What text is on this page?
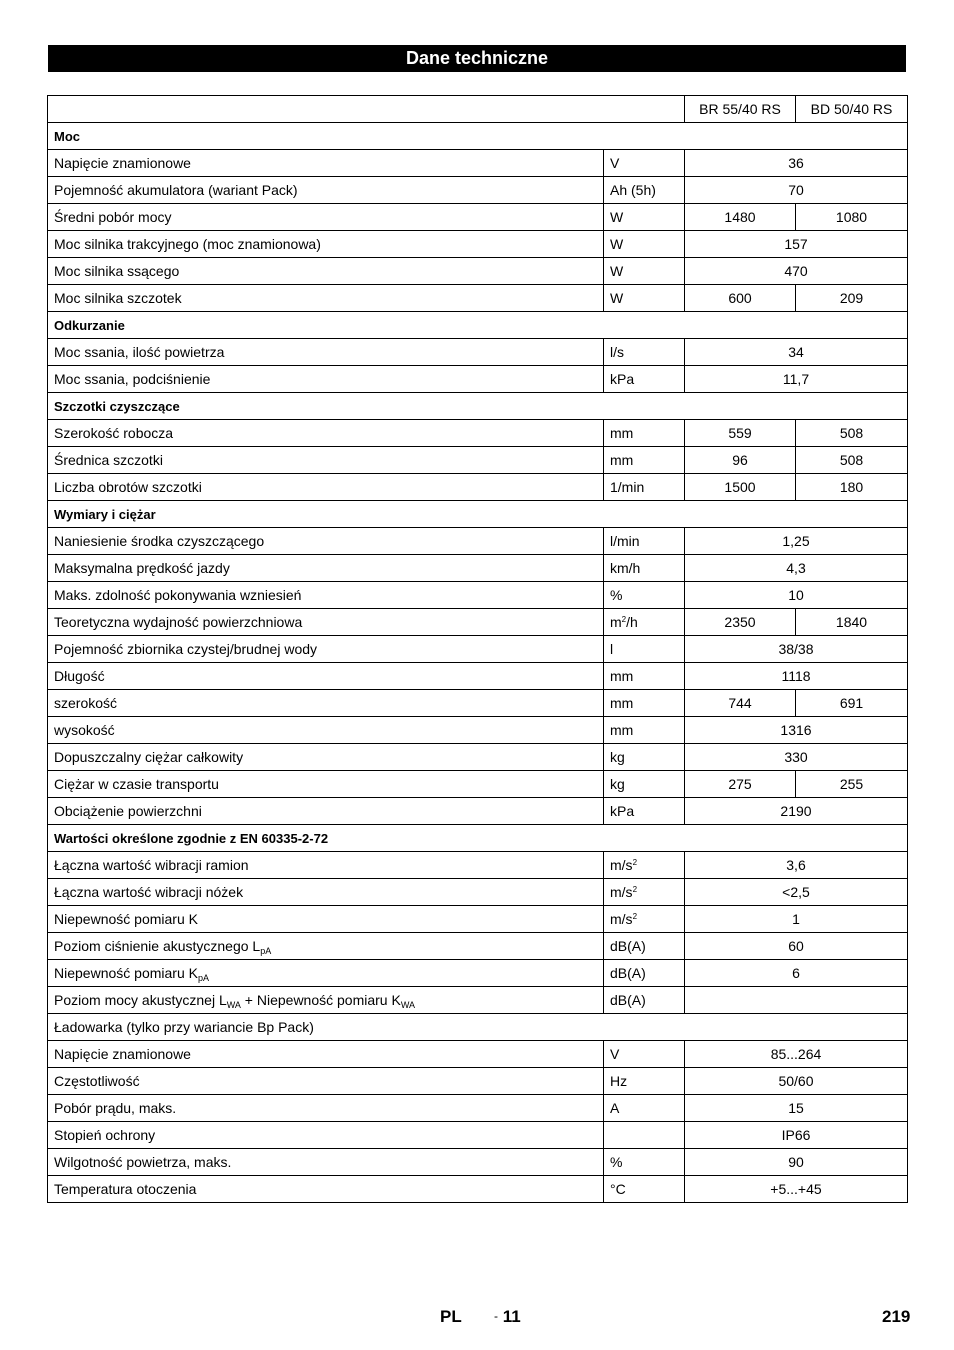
Dane techniczne
		BR 55/40 RS	BD 50/40 RS
Moc			
Napięcie znamionowe	V	36	
Pojemność akumulatora (wariant Pack)	Ah (5h)	70	
Średni pobór mocy	W	1480	1080
Moc silnika trakcyjnego (moc znamionowa)	W	157	
Moc silnika ssącego	W	470	
Moc silnika szczotek	W	600	209
Odkurzanie			
Moc ssania, ilość powietrza	l/s	34	
Moc ssania, podciśnienie	kPa	11,7	
Szczotki czyszczące			
Szerokość robocza	mm	559	508
Średnica szczotki	mm	96	508
Liczba obrotów szczotki	1/min	1500	180
Wymiary i ciężar			
Naniesienie środka czyszczącego	l/min	1,25	
Maksymalna prędkość jazdy	km/h	4,3	
Maks. zdolność pokonywania wzniesień	%	10	
Teoretyczna wydajność powierzchniowa	$m^2/h$	2350	1840
Pojemność zbiornika czystej/brudnej wody	l	38/38	
Długość	mm	1118	
szerokość	mm	744	691
wysokość	mm	1316	
Dopuszczalny ciężar całkowity	kg	330	
Ciężar w czasie transportu	kg	275	255
Obciążenie powierzchni	kPa	2190	
Wartości określone zgodnie z EN 60335-2-72			
Łączna wartość wibracji ramion	$m/s^2$	3,6	
Łączna wartość wibracji nóżek	$m/s^2$	<2,5	
Niepewność pomiaru K	$m/s^2$	1	
Poziom ciśnienie akustycznego $L_{pA}$	dB(A)	60	
Niepewność pomiaru $K_{pA}$	dB(A)	6	
Poziom mocy akustycznej $L_{WA}$ + Niepewność pomiaru $K_{WA}$	dB(A)		
Ładowarka (tylko przy wariancie Bp Pack)			
Napięcie znamionowe	V	85...264	
Częstotliwość	Hz	50/60	
Pobór prądu, maks.	A	15	
Stopień ochrony		IP66	
Wilgotność powietrza, maks.	%	90	
Temperatura otoczenia	°C	+5...+45	
PL	- 11	219
